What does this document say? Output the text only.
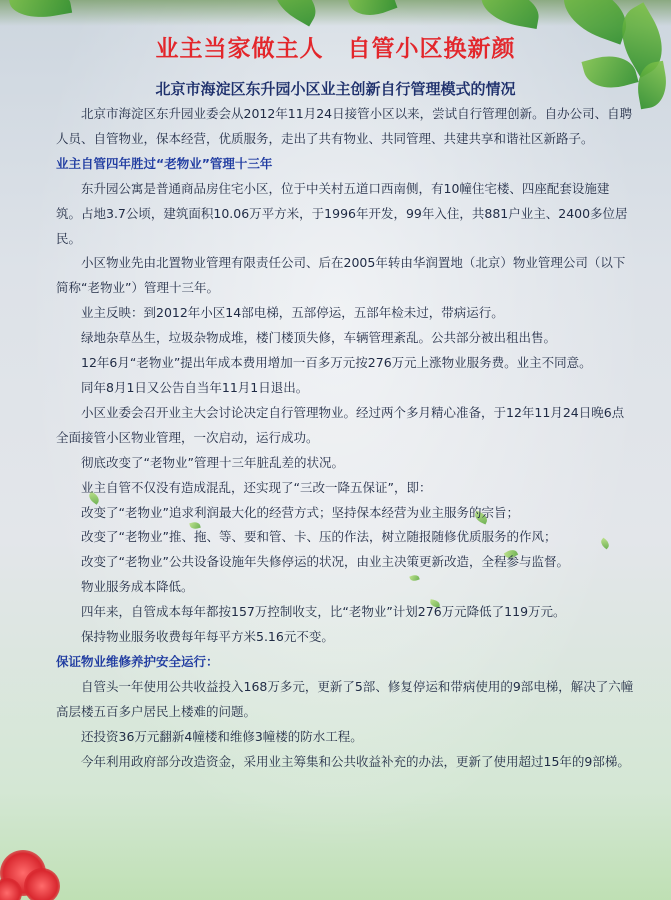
业主当家做主人　自管小区换新颜
北京市海淀区东升园小区业主创新自行管理模式的情况

北京市海淀区东升园业委会从2012年11月24日接管小区以来，尝试自行管理创新。自办公司、自聘人员、自管物业，保本经营，优质服务，走出了共有物业、共同管理、共建共享和谐社区新路子。

业主自管四年胜过“老物业”管理十三年

东升园公寓是普通商品房住宅小区，位于中关村五道口西南侧，有10幢住宅楼、四座配套设施建筑。占地3.7公顷，建筑面积10.06万平方米，于1996年开发，99年入住，共881户业主、2400多位居民。

小区物业先由北置物业管理有限责任公司、后在2005年转由华润置地（北京）物业管理公司（以下简称“老物业”）管理十三年。

业主反映：到2012年小区14部电梯，五部停运，五部年检未过，带病运行。

绿地杂草丛生，垃圾杂物成堆，楼门楼顶失修，车辆管理紊乱。公共部分被出租出售。

12年6月“老物业”提出年成本费用增加一百多万元按276万元上涨物业服务费。业主不同意。

同年8月1日又公告自当年11月1日退出。

小区业委会召开业主大会讨论决定自行管理物业。经过两个多月精心准备，于12年11月24日晚6点全面接管小区物业管理，一次启动，运行成功。

彻底改变了“老物业”管理十三年脏乱差的状况。

业主自管不仅没有造成混乱，还实现了“三改一降五保证”，即：

改变了“老物业”追求利润最大化的经营方式；坚持保本经营为业主服务的宗旨；

改变了“老物业”推、拖、等、要和管、卡、压的作法，树立随报随修优质服务的作风；

改变了“老物业”公共设备设施年失修停运的状况，由业主决策更新改造，全程参与监督。

物业服务成本降低。

四年来，自管成本每年都按157万控制收支，比“老物业”计划276万元降低了119万元。

保持物业服务收费每年每平方米5.16元不变。

保证物业维修养护安全运行：

自管头一年使用公共收益投入168万多元，更新了5部、修复停运和带病使用的9部电梯，解决了六幢高层楼五百多户居民上楼难的问题。

还投资36万元翻新4幢楼和维修3幢楼的防水工程。

今年利用政府部分改造资金，采用业主筹集和公共收益补充的办法，更新了使用超过15年的9部梯。
